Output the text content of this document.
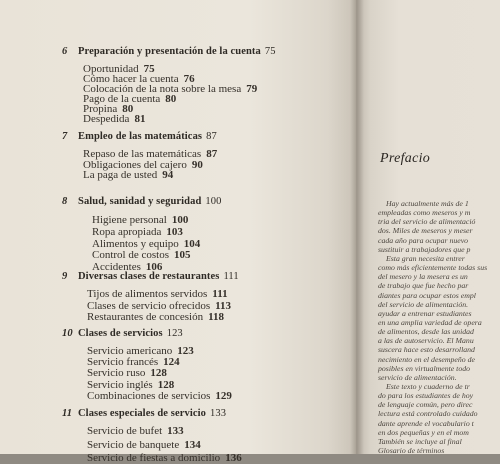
6 Preparación y presentación de la cuenta 75
Oportunidad 75
Cómo hacer la cuenta 76
Colocación de la nota sobre la mesa 79
Pago de la cuenta 80
Propina 80
Despedida 81
7 Empleo de las matemáticas 87
Repaso de las matemáticas 87
Obligaciones del cajero 90
La paga de usted 94
8 Salud, sanidad y seguridad 100
Higiene personal 100
Ropa apropiada 103
Alimentos y equipo 104
Control de costos 105
Accidentes 106
9 Diversas clases de restaurantes 111
Tijos de alimentos servidos 111
Clases de servicio ofrecidos 113
Restaurantes de concesión 118
10 Clases de servicios 123
Servicio americano 123
Servicio francés 124
Servicio ruso 128
Servicio inglés 128
Combinaciones de servicios 129
11 Clases especiales de servicio 133
Servicio de bufet 133
Servicio de banquete 134
Servicio de fiestas a domicilio 136
Prefacio
Hay actualmente más de 1
empleadas como meseros y m
tria del servicio de alimentació
dos. Miles de meseros y meser
cada año para ocupar nuevo
sustituir a trabajadores que p
Esta gran necesita entrer
como más eficientemente todas sus
del mesero y la mesera es un
de trabajo que fue hecho par
diantes para ocupar estos empl
del servicio de alimentación.
ayudar a entrenar estudiantes
en una amplia variedad de opera
de alimentos, desde las unidad
a las de autoservicio. El Manu
suscera hace esto desarrolland
necimiento en el desempeño de
posibles en virtualmente todo
servicio de alimentación.
Este texto y cuaderno de tr
do para los estudiantes de hoy
de lenguaje común, pero direc
lectura está controlado cuidado
dante aprende el vocabulario t
en dos pequeñas y en el mom
También se incluye al final
Glosario de términos
